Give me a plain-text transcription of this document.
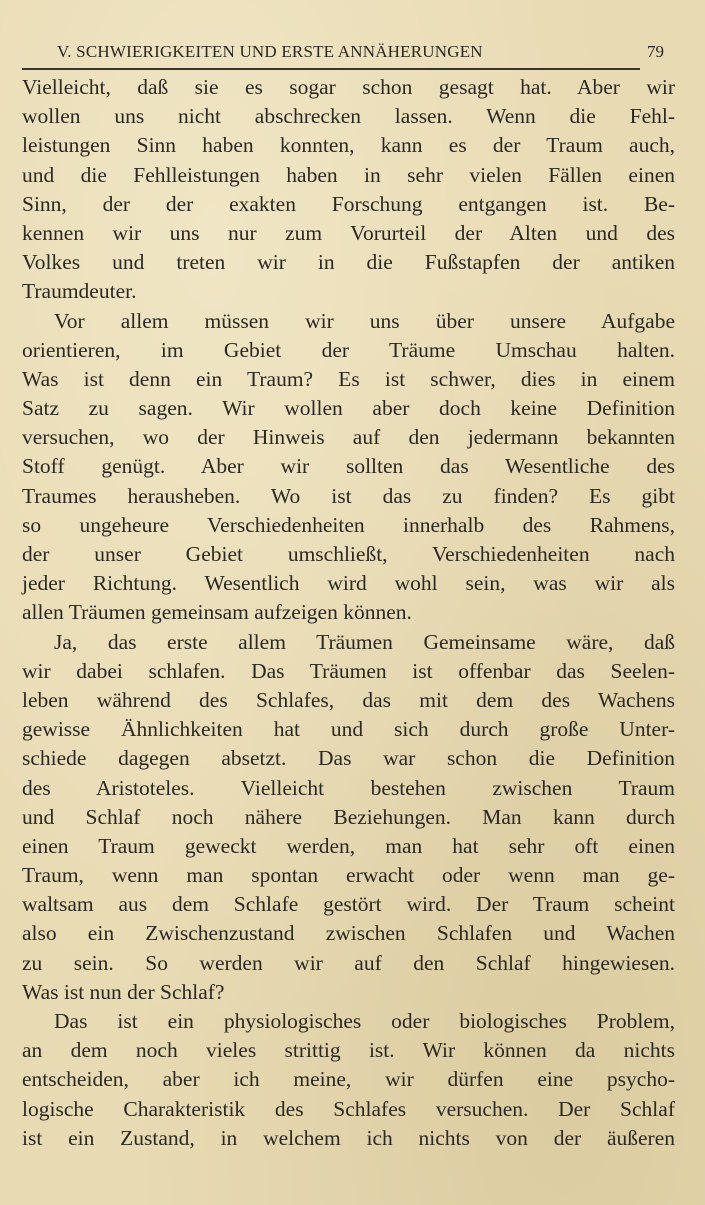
V. SCHWIERIGKEITEN UND ERSTE ANNÄHERUNGEN	79
Vielleicht, daß sie es sogar schon gesagt hat. Aber wir
wollen uns nicht abschrecken lassen. Wenn die Fehl-
leistungen Sinn haben konnten, kann es der Traum auch,
und die Fehlleistungen haben in sehr vielen Fällen einen
Sinn, der der exakten Forschung entgangen ist. Be-
kennen wir uns nur zum Vorurteil der Alten und des
Volkes und treten wir in die Fußstapfen der antiken
Traumdeuter.
Vor allem müssen wir uns über unsere Aufgabe
orientieren, im Gebiet der Träume Umschau halten.
Was ist denn ein Traum? Es ist schwer, dies in einem
Satz zu sagen. Wir wollen aber doch keine Definition
versuchen, wo der Hinweis auf den jedermann bekannten
Stoff genügt. Aber wir sollten das Wesentliche des
Traumes herausheben. Wo ist das zu finden? Es gibt
so ungeheure Verschiedenheiten innerhalb des Rahmens,
der unser Gebiet umschließt, Verschiedenheiten nach
jeder Richtung. Wesentlich wird wohl sein, was wir als
allen Träumen gemeinsam aufzeigen können.
Ja, das erste allem Träumen Gemeinsame wäre, daß
wir dabei schlafen. Das Träumen ist offenbar das Seelen-
leben während des Schlafes, das mit dem des Wachens
gewisse Ähnlichkeiten hat und sich durch große Unter-
schiede dagegen absetzt. Das war schon die Definition
des Aristoteles. Vielleicht bestehen zwischen Traum
und Schlaf noch nähere Beziehungen. Man kann durch
einen Traum geweckt werden, man hat sehr oft einen
Traum, wenn man spontan erwacht oder wenn man ge-
waltsam aus dem Schlafe gestört wird. Der Traum scheint
also ein Zwischenzustand zwischen Schlafen und Wachen
zu sein. So werden wir auf den Schlaf hingewiesen.
Was ist nun der Schlaf?
Das ist ein physiologisches oder biologisches Problem,
an dem noch vieles strittig ist. Wir können da nichts
entscheiden, aber ich meine, wir dürfen eine psycho-
logische Charakteristik des Schlafes versuchen. Der Schlaf
ist ein Zustand, in welchem ich nichts von der äußeren
